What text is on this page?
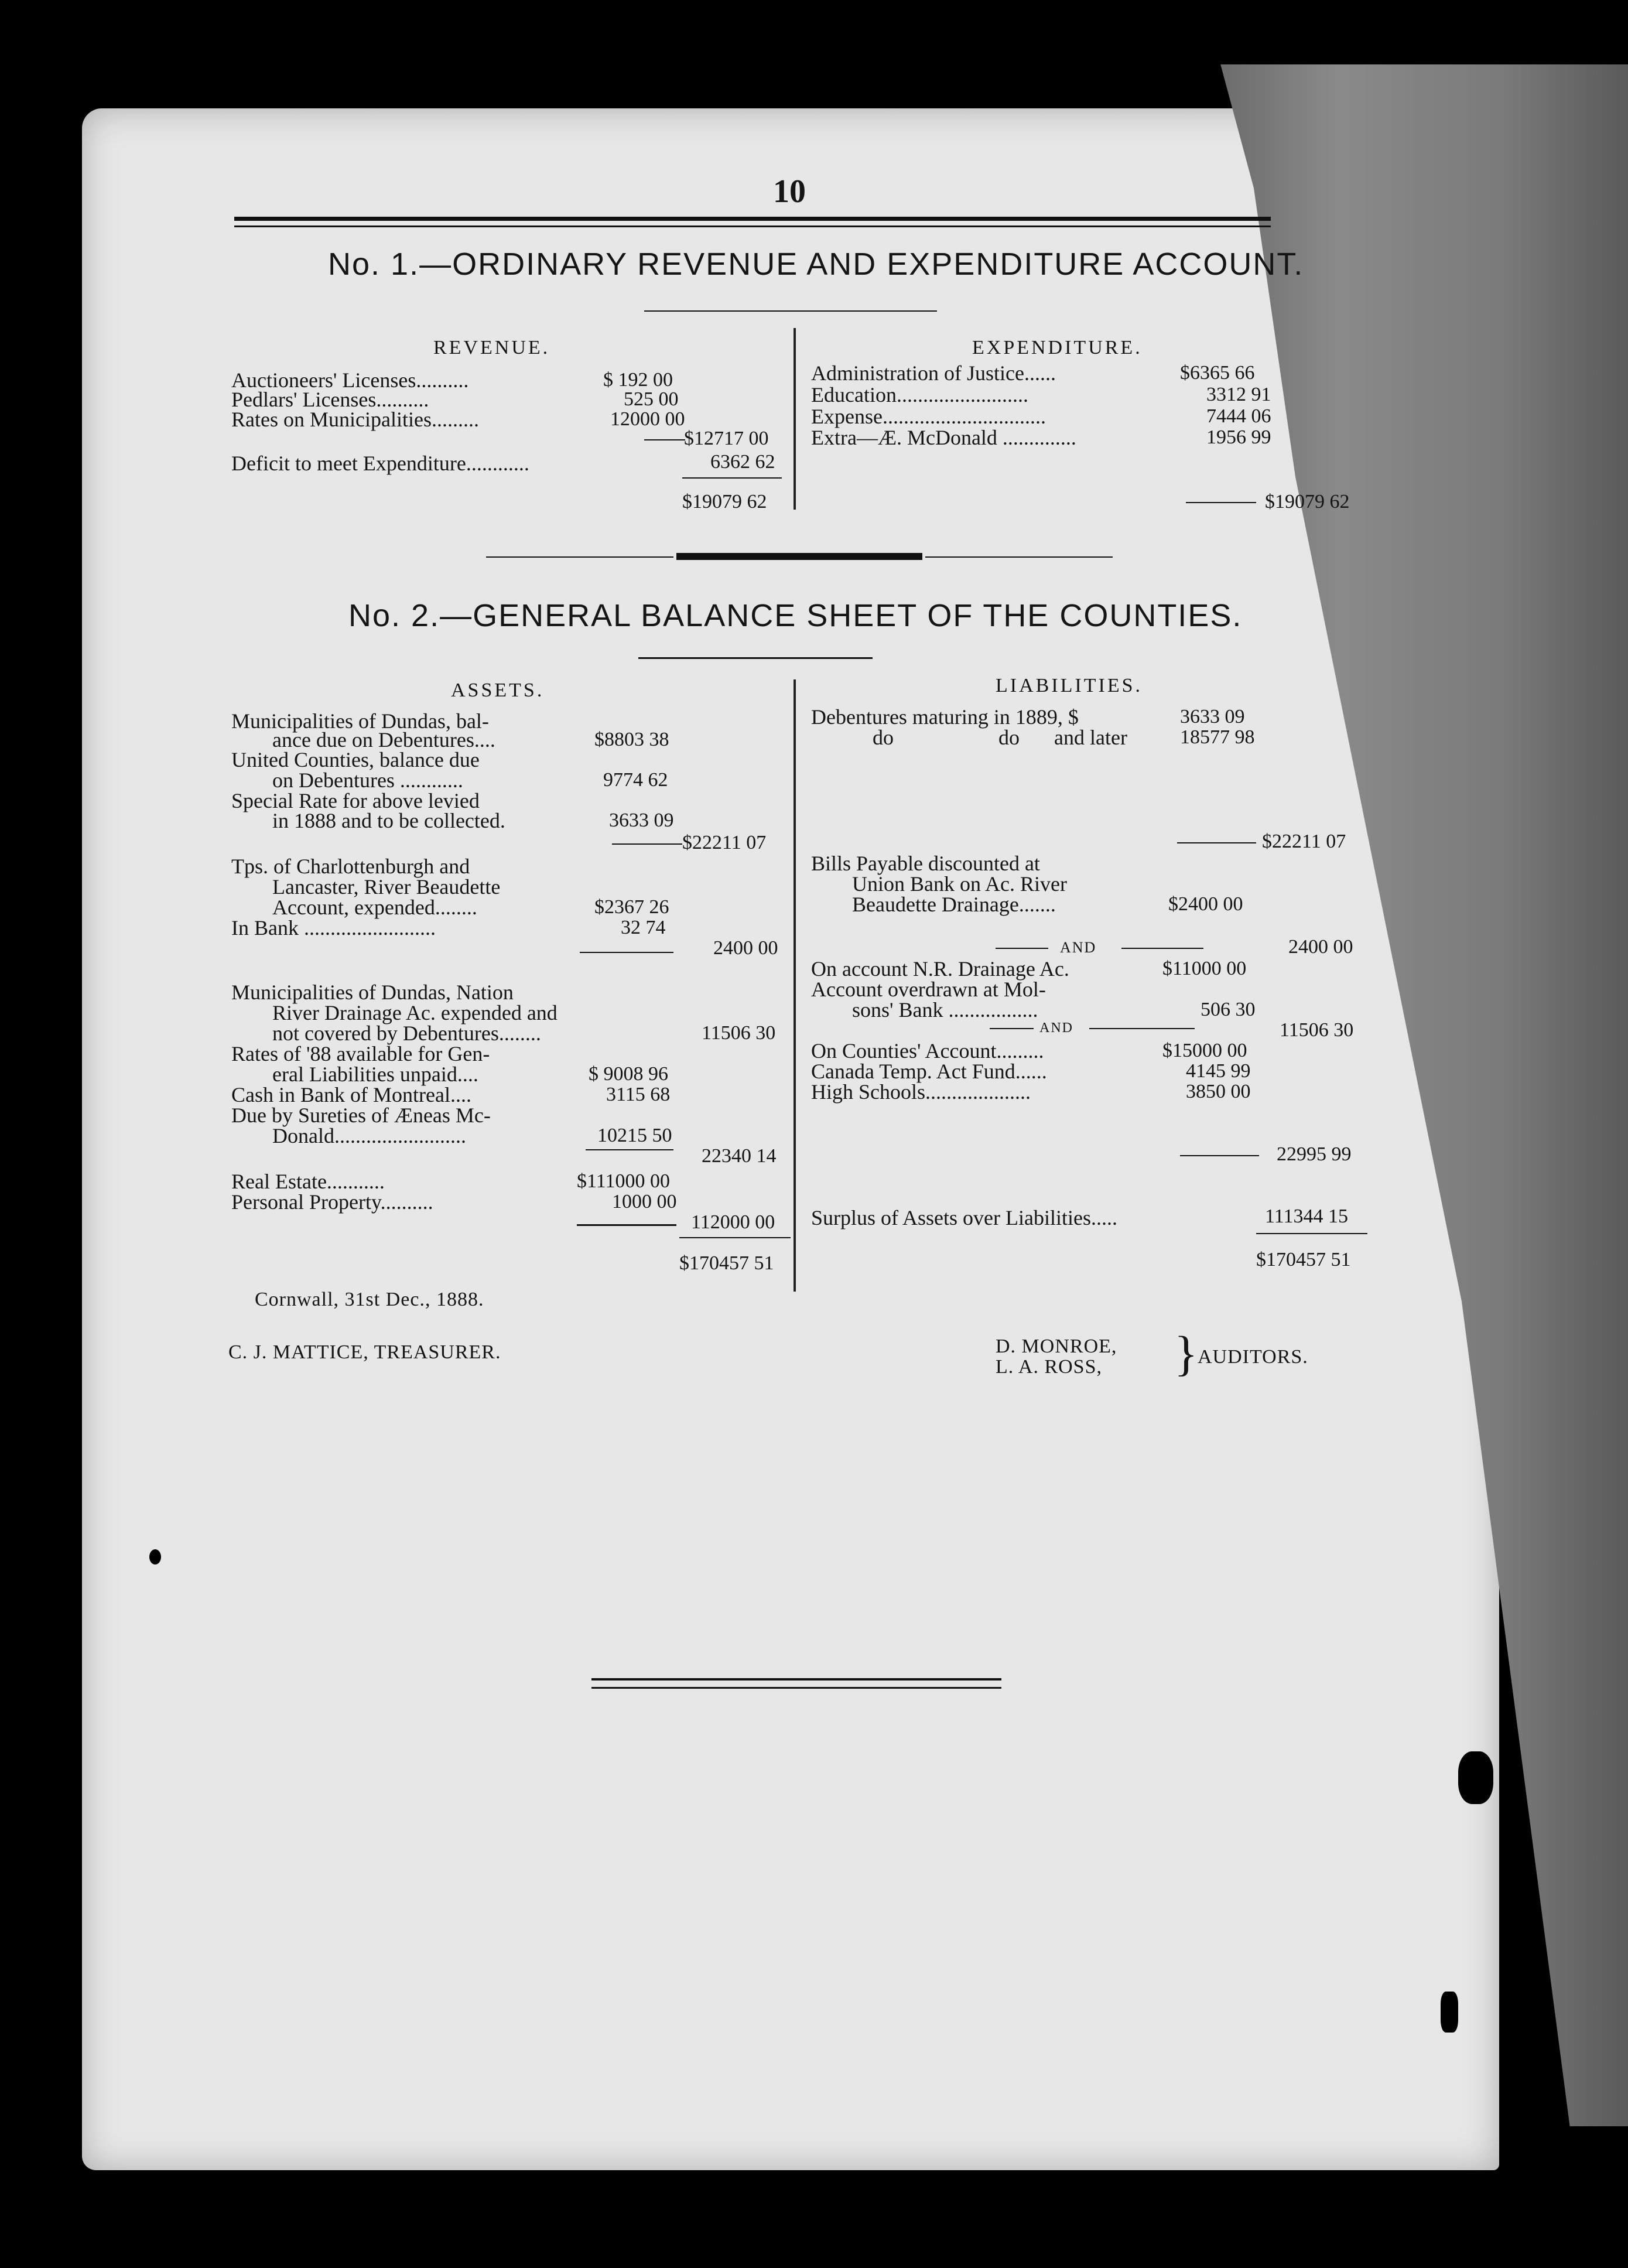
10
No. 1.—ORDINARY REVENUE AND EXPENDITURE ACCOUNT.
REVENUE.	EXPENDITURE.
Auctioneers' Licenses..........	$ 192 00
Pedlars' Licenses..........	525 00
Rates on Municipalities.........	12000 00
$12717 00
Deficit to meet Expenditure............	6362 62
$19079 62
Administration of Justice......	$6365 66
Education.........................	3312 91
Expense...............................	7444 06
Extra—Æ. McDonald ..............	1956 99
$19079 62
No. 2.—GENERAL BALANCE SHEET OF THE COUNTIES.
ASSETS.	LIABILITIES.
Municipalities of Dundas, bal-
ance due on Debentures....	$8803 38
United Counties, balance due
on Debentures ............	9774 62
Special Rate for above levied
in 1888 and to be collected.	3633 09
$22211 07
Tps. of Charlottenburgh and
Lancaster, River Beaudette
Account, expended........	$2367 26
In Bank .........................	32 74
2400 00
Municipalities of Dundas, Nation
River Drainage Ac. expended and
not covered by Debentures........	11506 30
Rates of '88 available for Gen-
eral Liabilities unpaid....	$ 9008 96
Cash in Bank of Montreal....	3115 68
Due by Sureties of Æneas Mc-
Donald.........................	10215 50
22340 14
Real Estate...........	$111000 00
Personal Property..........	1000 00
112000 00
$170457 51
Debentures maturing in 1889, $	3633 09
do	do and later	18577 98
$22211 07
Bills Payable discounted at
Union Bank on Ac. River
Beaudette Drainage.......	$2400 00
AND	2400 00
On account N.R. Drainage Ac.	$11000 00
Account overdrawn at Mol-
sons' Bank .................	506 30
AND	11506 30
On Counties' Account.........	$15000 00
Canada Temp. Act Fund......	4145 99
High Schools....................	3850 00
22995 99
Surplus of Assets over Liabilities.....	111344 15
$170457 51
Cornwall, 31st Dec., 1888.
C. J. MATTICE, TREASURER.	D. MONROE,
L. A. ROSS, } AUDITORS.
